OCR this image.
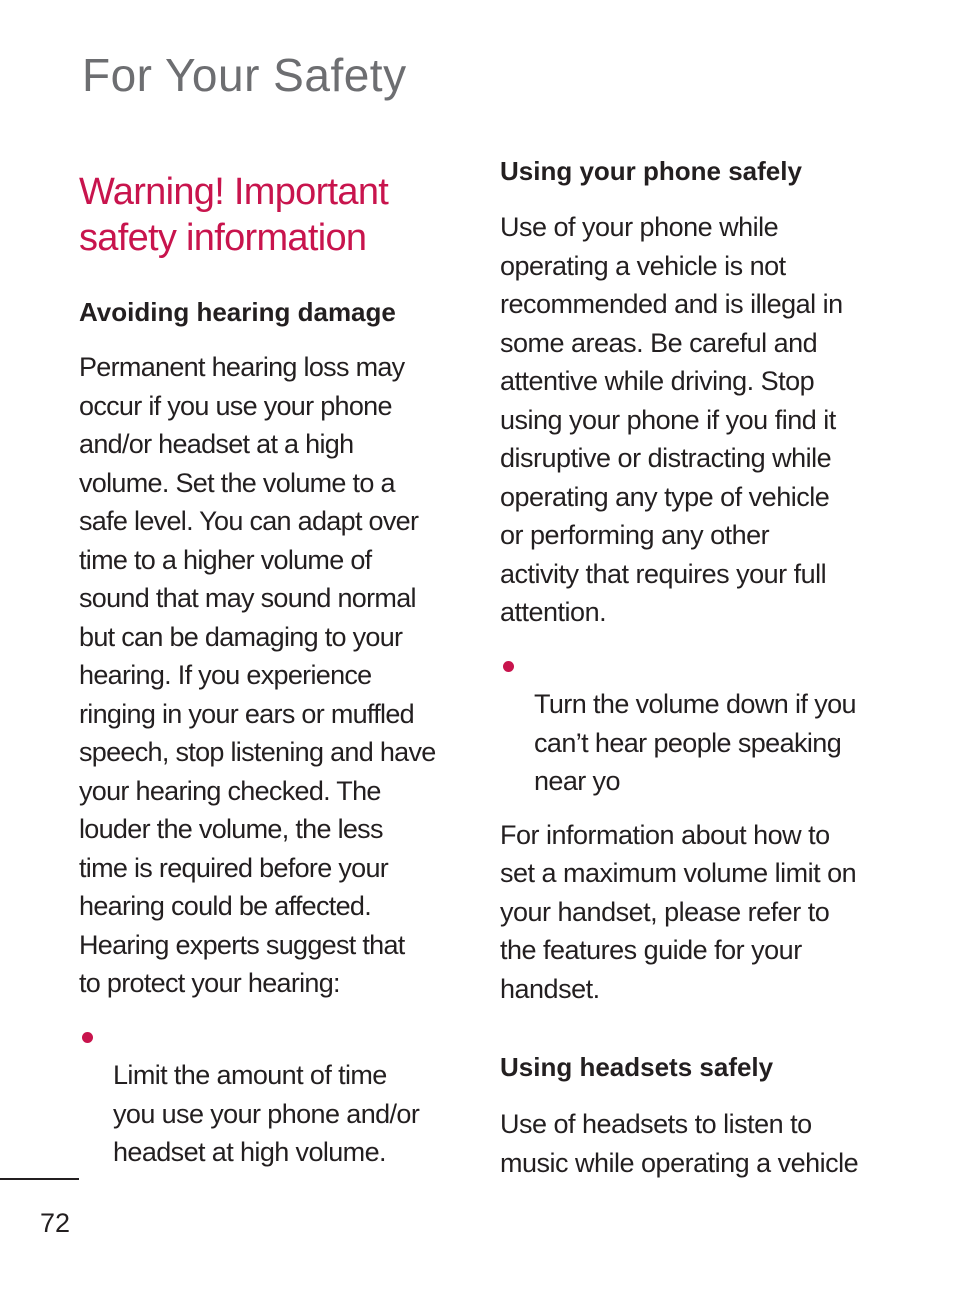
For Your Safety
Warning! Important
safety information
Avoiding hearing damage

Permanent hearing loss may
occur if you use your phone
and/or headset at a high
volume. Set the volume to a
safe level. You can adapt over
time to a higher volume of
sound that may sound normal
but can be damaging to your
hearing. If you experience
ringing in your ears or muffled
speech, stop listening and have
your hearing checked. The
louder the volume, the less
time is required before your
hearing could be affected.
Hearing experts suggest that
to protect your hearing:

Limit the amount of time
you use your phone and/or
headset at high volume.

Using your phone safely

Use of your phone while
operating a vehicle is not
recommended and is illegal in
some areas. Be careful and
attentive while driving. Stop
using your phone if you find it
disruptive or distracting while
operating any type of vehicle
or performing any other
activity that requires your full
attention.

Turn the volume down if you
can’t hear people speaking
near yo

For information about how to
set a maximum volume limit on
your handset, please refer to
the features guide for your
handset.

Using headsets safely

Use of headsets to listen to
music while operating a vehicle

72
